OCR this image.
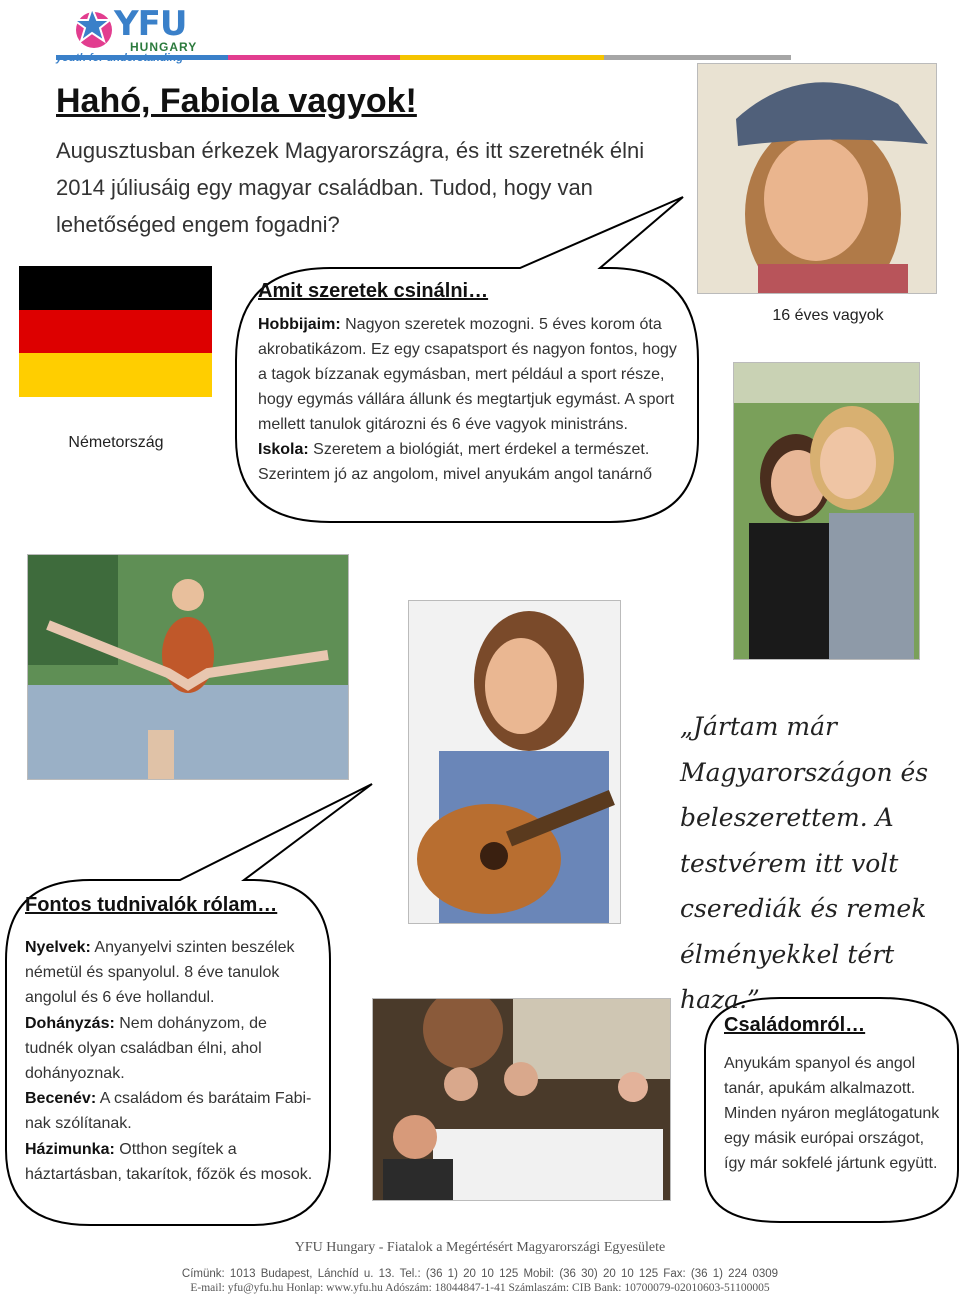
YFU
HUNGARY
Hahó, Fabiola vagyok!
Augusztusban érkezek Magyarországra, és itt szeretnék élni 2014 júliusáig egy magyar családban. Tudod, hogy van lehetőséged engem fogadni?
Németország
16 éves vagyok
Amit szeretek csinálni…

Hobbijaim: Nagyon szeretek mozogni. 5 éves korom óta akrobatikázom. Ez egy csapatsport és nagyon fontos, hogy a tagok bízzanak egymásban, mert például a sport része, hogy egymás vállára állunk és megtartjuk egymást. A sport mellett tanulok gitározni és 6 éve vagyok ministráns.
Iskola: Szeretem a biológiát, mert érdekel a természet. Szerintem jó az angolom, mivel anyukám angol tanárnő

Fontos tudnivalók rólam…

Nyelvek: Anyanyelvi szinten beszélek németül és spanyolul. 8 éve tanulok angolul és 6 éve hollandul.
Dohányzás: Nem dohányzom, de tudnék olyan családban élni, ahol dohányoznak.
Becenév: A családom és barátaim Fabi-nak szólítanak.
Házimunka: Otthon segítek a háztartásban, takarítok, főzök és mosok.

„Jártam már Magyarországon és beleszerettem. A testvérem itt volt cserediák és remek élményekkel tért haza.”
Családomról…

Anyukám spanyol és angol tanár, apukám alkalmazott. Minden nyáron meglátogatunk egy másik európai országot, így már sokfelé jártunk együtt.

YFU Hungary - Fiatalok a Megértésért Magyarországi Egyesülete
Címünk: 1013 Budapest, Lánchíd u. 13. Tel.: (36 1) 20 10 125 Mobil: (36 30) 20 10 125 Fax: (36 1) 224 0309
E-mail: yfu@yfu.hu Honlap: www.yfu.hu Adószám: 18044847-1-41 Számlaszám: CIB Bank: 10700079-02010603-51100005
